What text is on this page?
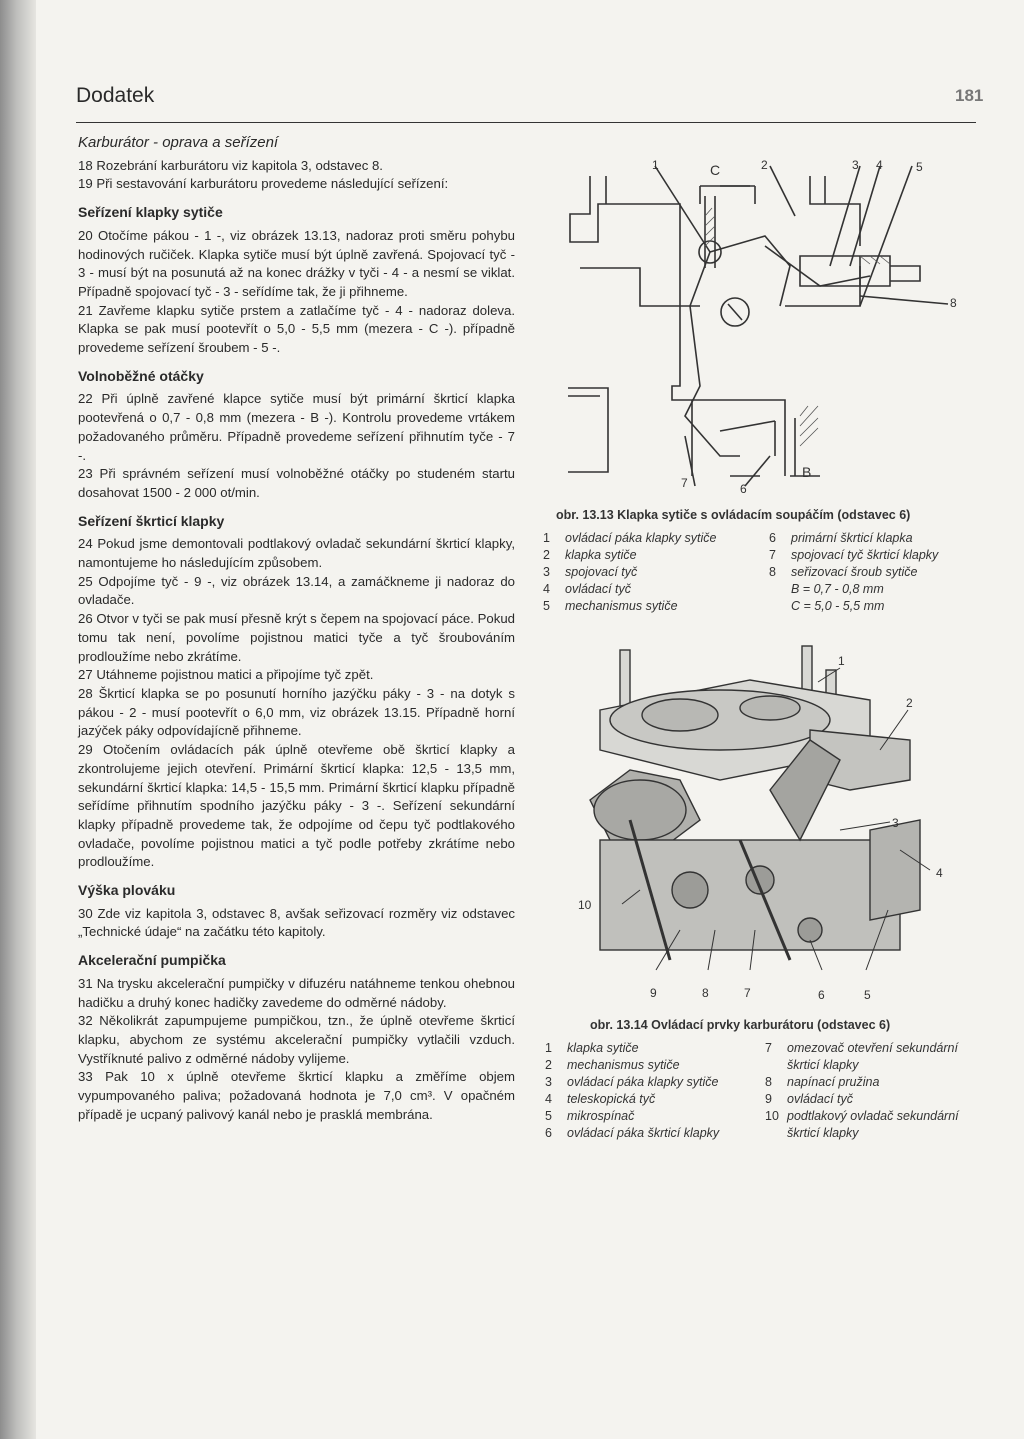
Dodatek	181
Karburátor - oprava a seřízení

18 Rozebrání karburátoru viz kapitola 3, odstavec 8.

19 Při sestavování karburátoru provedeme následující seřízení:

Seřízení klapky sytiče

20 Otočíme pákou - 1 -, viz obrázek 13.13, nadoraz proti směru pohybu hodinových ručiček. Klapka sytiče musí být úplně zavřená. Spojovací tyč - 3 - musí být na posunutá až na konec drážky v tyči - 4 - a nesmí se viklat. Případně spojovací tyč - 3 - seřídíme tak, že ji přihneme.

21 Zavřeme klapku sytiče prstem a zatlačíme tyč - 4 - nadoraz doleva. Klapka se pak musí pootevřít o 5,0 - 5,5 mm (mezera - C -). případně provedeme seřízení šroubem - 5 -.

Volnoběžné otáčky

22 Při úplně zavřené klapce sytiče musí být primární škrticí klapka pootevřená o 0,7 - 0,8 mm (mezera - B -). Kontrolu provedeme vrtákem požadovaného průměru. Případně provedeme seřízení přihnutím tyče - 7 -.

23 Při správném seřízení musí volnoběžné otáčky po studeném startu dosahovat 1500 - 2 000 ot/min.

Seřízení škrticí klapky

24 Pokud jsme demontovali podtlakový ovladač sekundární škrticí klapky, namontujeme ho následujícím způsobem.

25 Odpojíme tyč - 9 -, viz obrázek 13.14, a zamáčkneme ji nadoraz do ovladače.

26 Otvor v tyči se pak musí přesně krýt s čepem na spojovací páce. Pokud tomu tak není, povolíme pojistnou matici tyče a tyč šroubováním prodloužíme nebo zkrátíme.

27 Utáhneme pojistnou matici a připojíme tyč zpět.

28 Škrticí klapka se po posunutí horního jazýčku páky - 3 - na dotyk s pákou - 2 - musí pootevřít o 6,0 mm, viz obrázek 13.15. Případně horní jazýček páky odpovídajícně přihneme.

29 Otočením ovládacích pák úplně otevřeme obě škrticí klapky a zkontrolujeme jejich otevření. Primární škrticí klapka: 12,5 - 13,5 mm, sekundární škrticí klapka: 14,5 - 15,5 mm. Primární škrticí klapku případně seřídíme přihnutím spodního jazýčku páky - 3 -. Seřízení sekundární klapky případně provedeme tak, že odpojíme od čepu tyč podtlakového ovladače, povolíme pojistnou matici a tyč podle potřeby zkrátíme nebo prodloužíme.

Výška plováku

30 Zde viz kapitola 3, odstavec 8, avšak seřizovací rozměry viz odstavec „Technické údaje“ na začátku této kapitoly.

Akcelerační pumpička

31 Na trysku akcelerační pumpičky v difuzéru natáhneme tenkou ohebnou hadičku a druhý konec hadičky zavedeme do odměrné nádoby.

32 Několikrát zapumpujeme pumpičkou, tzn., že úplně otevřeme škrticí klapku, abychom ze systému akcelerační pumpičky vytlačili vzduch. Vystříknuté palivo z odměrné nádoby vylijeme.

33 Pak 10 x úplně otevřeme škrticí klapku a změříme objem vypumpovaného paliva; požadovaná hodnota je 7,0 cm³. V opačném případě je ucpaný palivový kanál nebo je prasklá membrána.

1	C	2	3 4	5
8
7	6
B
obr. 13.13 Klapka sytiče s ovládacím soupáčím (odstavec 6)
1	ovládací páka klapky sytiče
2	klapka sytiče
3	spojovací tyč
4	ovládací tyč
5	mechanismus sytiče
6	primární škrticí klapka
7	spojovací tyč škrticí klapky
8	seřizovací šroub sytiče
B = 0,7 - 0,8 mm
C = 5,0 - 5,5 mm
1
2
3
4
10
9	8	7	6	5
obr. 13.14 Ovládací prvky karburátoru (odstavec 6)
1	klapka sytiče
2	mechanismus sytiče
3	ovládací páka klapky sytiče
4	teleskopická tyč
5	mikrospínač
6	ovládací páka škrticí klapky
7	omezovač otevření sekundární
škrticí klapky
8	napínací pružina
9	ovládací tyč
10 podtlakový ovladač sekundární
škrticí klapky
